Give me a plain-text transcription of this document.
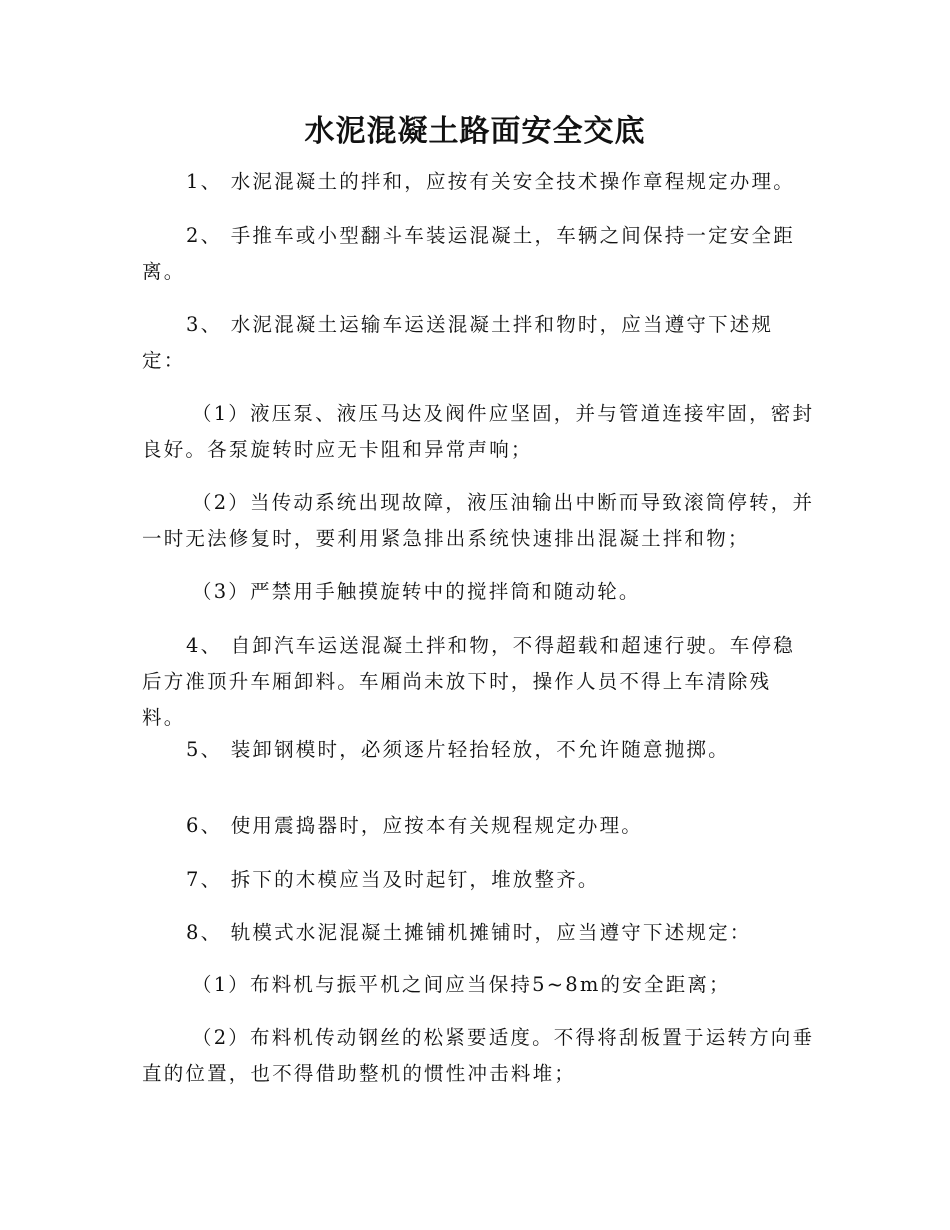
水泥混凝土路面安全交底
1、 水泥混凝土的拌和，应按有关安全技术操作章程规定办理。
2、 手推车或小型翻斗车装运混凝土，车辆之间保持一定安全距
离。
3、 水泥混凝土运输车运送混凝土拌和物时，应当遵守下述规
定：
（1）液压泵、液压马达及阀件应坚固，并与管道连接牢固，密封
良好。各泵旋转时应无卡阻和异常声响；
（2）当传动系统出现故障，液压油输出中断而导致滚筒停转，并
一时无法修复时，要利用紧急排出系统快速排出混凝土拌和物；
（3）严禁用手触摸旋转中的搅拌筒和随动轮。
4、 自卸汽车运送混凝土拌和物，不得超载和超速行驶。车停稳
后方准顶升车厢卸料。车厢尚未放下时，操作人员不得上车清除残
料。
5、 装卸钢模时，必须逐片轻抬轻放，不允许随意抛掷。
6、 使用震捣器时，应按本有关规程规定办理。
7、 拆下的木模应当及时起钉，堆放整齐。
8、 轨模式水泥混凝土摊铺机摊铺时，应当遵守下述规定：
（1）布料机与振平机之间应当保持5~8m的安全距离；
（2）布料机传动钢丝的松紧要适度。不得将刮板置于运转方向垂
直的位置，也不得借助整机的惯性冲击料堆；
